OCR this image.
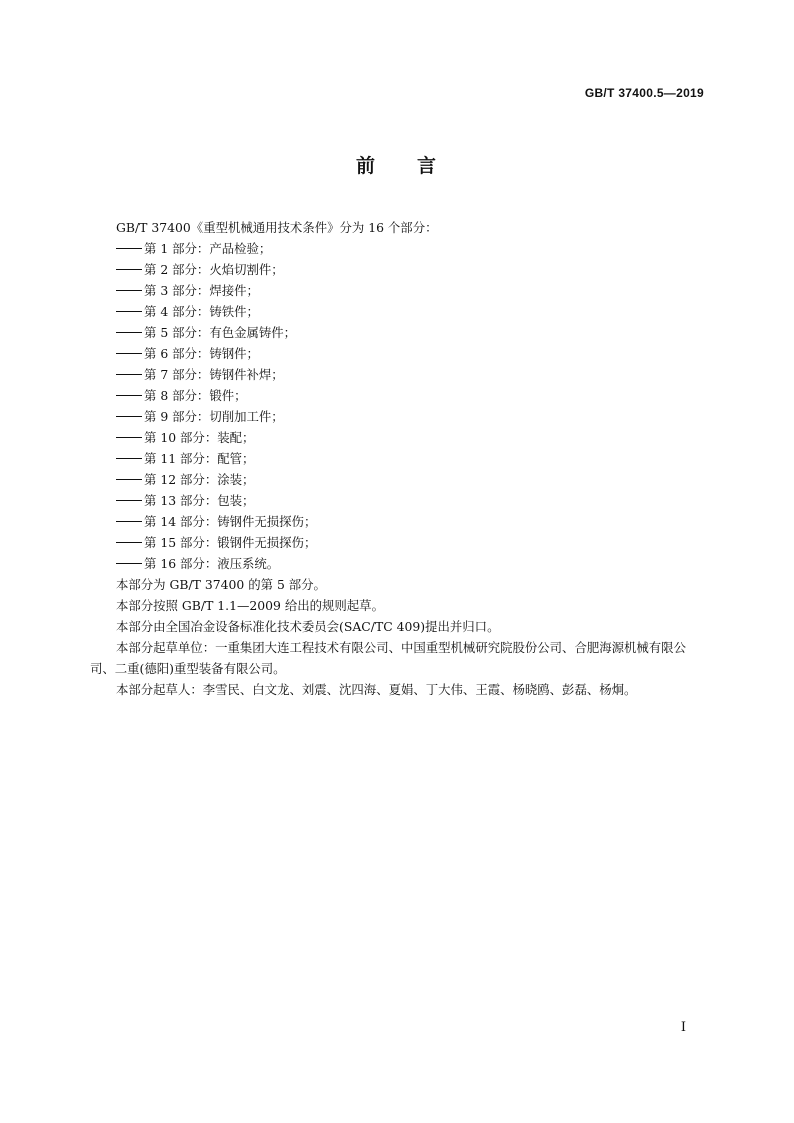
GB/T 37400.5—2019
前 言

GB/T 37400《重型机械通用技术条件》分为 16 个部分：

第 1 部分：产品检验；

第 2 部分：火焰切割件；

第 3 部分：焊接件；

第 4 部分：铸铁件；

第 5 部分：有色金属铸件；

第 6 部分：铸钢件；

第 7 部分：铸钢件补焊；

第 8 部分：锻件；

第 9 部分：切削加工件；

第 10 部分：装配；

第 11 部分：配管；

第 12 部分：涂装；

第 13 部分：包装；

第 14 部分：铸钢件无损探伤；

第 15 部分：锻钢件无损探伤；

第 16 部分：液压系统。

本部分为 GB/T 37400 的第 5 部分。

本部分按照 GB/T 1.1—2009 给出的规则起草。

本部分由全国冶金设备标准化技术委员会(SAC/TC 409)提出并归口。

本部分起草单位：一重集团大连工程技术有限公司、中国重型机械研究院股份公司、合肥海源机械有限公司、二重(德阳)重型装备有限公司。

本部分起草人：李雪民、白文龙、刘震、沈四海、夏娟、丁大伟、王霞、杨晓鸥、彭磊、杨炯。

I
